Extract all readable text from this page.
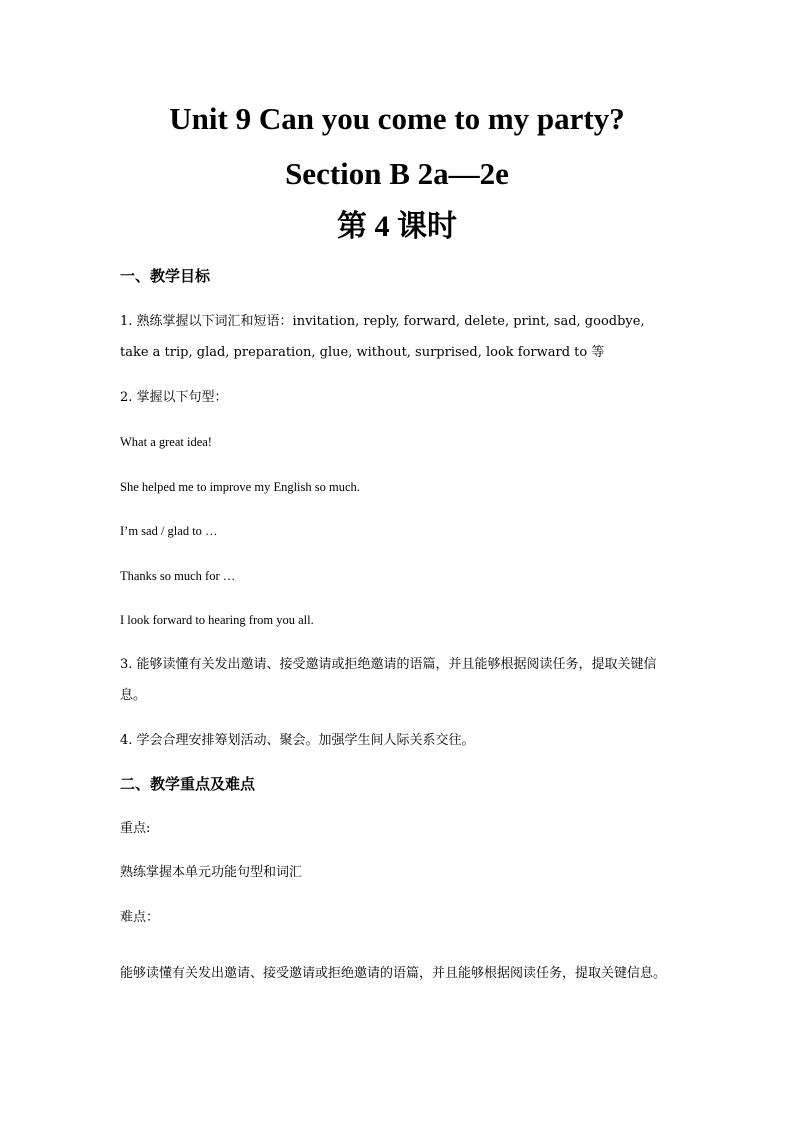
Unit 9 Can you come to my party?
Section B 2a—2e
第 4 课时
一、教学目标
1. 熟练掌握以下词汇和短语：invitation, reply, forward, delete, print, sad, goodbye, take a trip, glad, preparation, glue, without, surprised, look forward to 等
2. 掌握以下句型：
What a great idea!
She helped me to improve my English so much.
I’m sad / glad to …
Thanks so much for …
I look forward to hearing from you all.
3. 能够读懂有关发出邀请、接受邀请或拒绝邀请的语篇，并且能够根据阅读任务，提取关键信息。
4. 学会合理安排筹划活动、聚会。加强学生间人际关系交往。
二、教学重点及难点
重点:
熟练掌握本单元功能句型和词汇
难点：
能够读懂有关发出邀请、接受邀请或拒绝邀请的语篇，并且能够根据阅读任务，提取关键信息。
